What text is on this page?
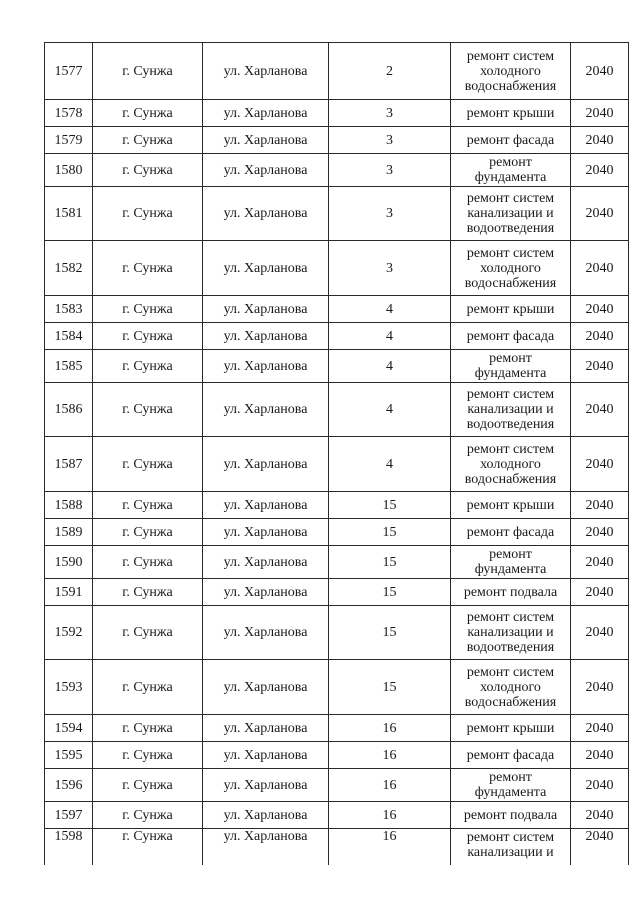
1577	г. Сунжа	ул. Харланова	2	ремонт систем
холодного
водоснабжения	2040
1578	г. Сунжа	ул. Харланова	3	ремонт крыши	2040
1579	г. Сунжа	ул. Харланова	3	ремонт фасада	2040
1580	г. Сунжа	ул. Харланова	3	ремонт
фундамента	2040
1581	г. Сунжа	ул. Харланова	3	ремонт систем
канализации и
водоотведения	2040
1582	г. Сунжа	ул. Харланова	3	ремонт систем
холодного
водоснабжения	2040
1583	г. Сунжа	ул. Харланова	4	ремонт крыши	2040
1584	г. Сунжа	ул. Харланова	4	ремонт фасада	2040
1585	г. Сунжа	ул. Харланова	4	ремонт
фундамента	2040
1586	г. Сунжа	ул. Харланова	4	ремонт систем
канализации и
водоотведения	2040
1587	г. Сунжа	ул. Харланова	4	ремонт систем
холодного
водоснабжения	2040
1588	г. Сунжа	ул. Харланова	15	ремонт крыши	2040
1589	г. Сунжа	ул. Харланова	15	ремонт фасада	2040
1590	г. Сунжа	ул. Харланова	15	ремонт
фундамента	2040
1591	г. Сунжа	ул. Харланова	15	ремонт подвала	2040
1592	г. Сунжа	ул. Харланова	15	ремонт систем
канализации и
водоотведения	2040
1593	г. Сунжа	ул. Харланова	15	ремонт систем
холодного
водоснабжения	2040
1594	г. Сунжа	ул. Харланова	16	ремонт крыши	2040
1595	г. Сунжа	ул. Харланова	16	ремонт фасада	2040
1596	г. Сунжа	ул. Харланова	16	ремонт
фундамента	2040
1597	г. Сунжа	ул. Харланова	16	ремонт подвала	2040
1598	г. Сунжа	ул. Харланова	16	ремонт систем
канализации и	2040
